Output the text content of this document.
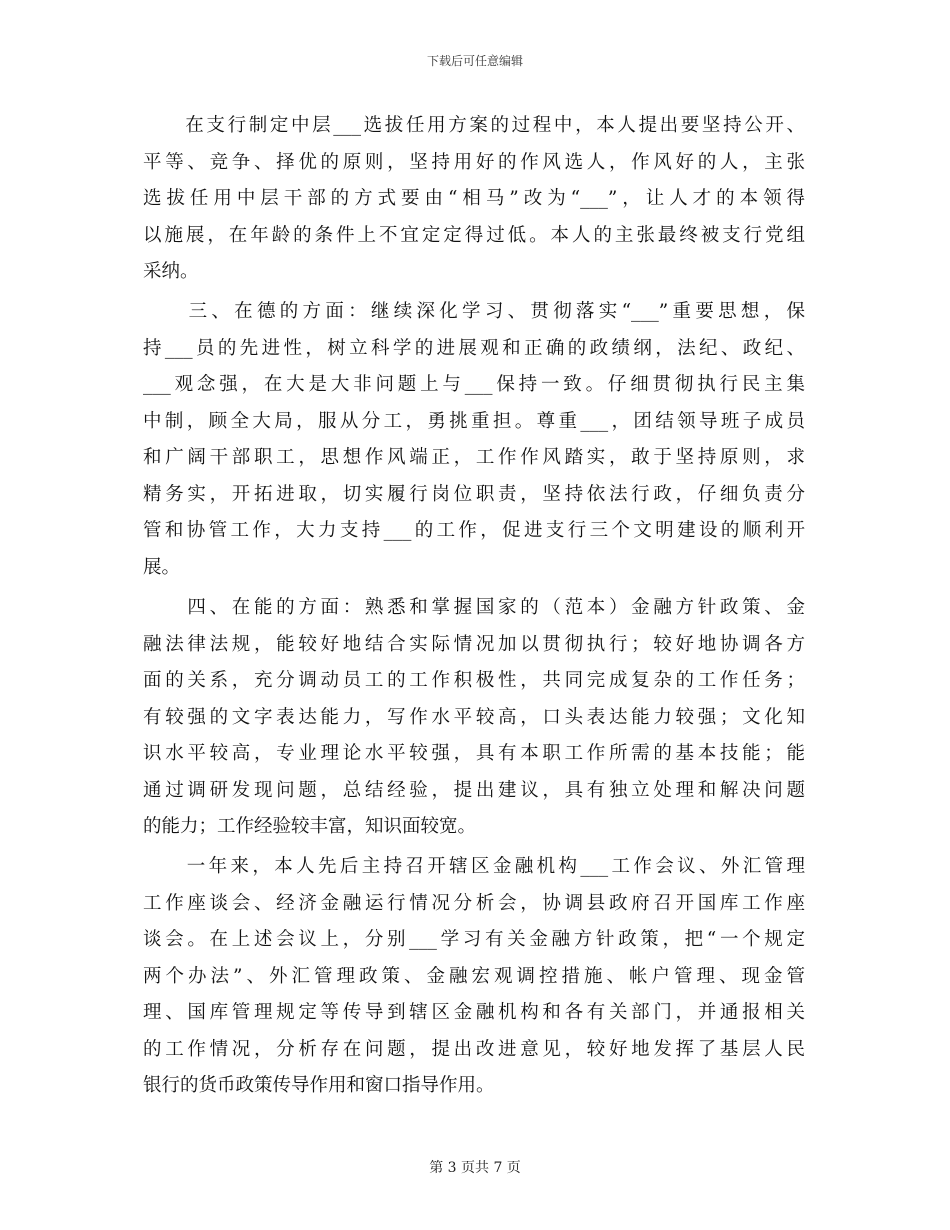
下载后可任意编辑
　　在支行制定中层___选拔任用方案的过程中，本人提出要坚持公开、
平等、竞争、择优的原则，坚持用好的作风选人，作风好的人，主张
选拔任用中层干部的方式要由“相马”改为“___”，让人才的本领得
以施展，在年龄的条件上不宜定定得过低。本人的主张最终被支行党组
采纳。
　　三、在德的方面：继续深化学习、贯彻落实“___”重要思想，保
持___员的先进性，树立科学的进展观和正确的政绩纲，法纪、政纪、
___观念强，在大是大非问题上与___保持一致。仔细贯彻执行民主集
中制，顾全大局，服从分工，勇挑重担。尊重___，团结领导班子成员
和广阔干部职工，思想作风端正，工作作风踏实，敢于坚持原则，求
精务实，开拓进取，切实履行岗位职责，坚持依法行政，仔细负责分
管和协管工作，大力支持___的工作，促进支行三个文明建设的顺利开
展。
　　四、在能的方面：熟悉和掌握国家的（范本）金融方针政策、金
融法律法规，能较好地结合实际情况加以贯彻执行；较好地协调各方
面的关系，充分调动员工的工作积极性，共同完成复杂的工作任务；
有较强的文字表达能力，写作水平较高，口头表达能力较强；文化知
识水平较高，专业理论水平较强，具有本职工作所需的基本技能；能
通过调研发现问题，总结经验，提出建议，具有独立处理和解决问题
的能力；工作经验较丰富，知识面较宽。
　　一年来，本人先后主持召开辖区金融机构___工作会议、外汇管理
工作座谈会、经济金融运行情况分析会，协调县政府召开国库工作座
谈会。在上述会议上，分别___学习有关金融方针政策，把“一个规定
两个办法”、外汇管理政策、金融宏观调控措施、帐户管理、现金管
理、国库管理规定等传导到辖区金融机构和各有关部门，并通报相关
的工作情况，分析存在问题，提出改进意见，较好地发挥了基层人民
银行的货币政策传导作用和窗口指导作用。
第 3 页共 7 页
